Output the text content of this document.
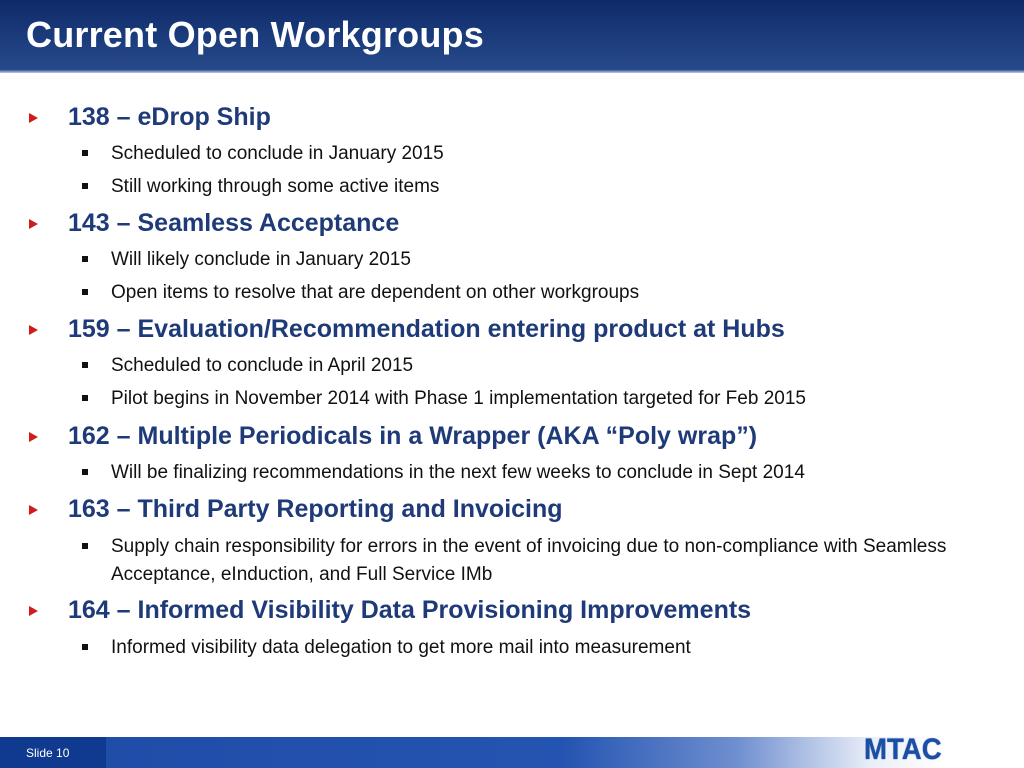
Current Open Workgroups
138 – eDrop Ship
Scheduled to conclude in January 2015
Still working through some active items
143 – Seamless Acceptance
Will likely conclude in January 2015
Open items to resolve that are dependent on other workgroups
159 – Evaluation/Recommendation entering product at Hubs
Scheduled to conclude in April 2015
Pilot begins in November 2014 with Phase 1 implementation targeted for Feb 2015
162 – Multiple Periodicals in a Wrapper (AKA “Poly wrap”)
Will be finalizing recommendations in the next few weeks to conclude in Sept 2014
163 – Third Party Reporting and Invoicing
Supply chain responsibility for errors in the event of invoicing due to non-compliance with Seamless Acceptance, eInduction, and Full Service IMb
164 – Informed Visibility Data Provisioning Improvements
Informed visibility data delegation to get more mail into measurement
Slide 10	MTAC
